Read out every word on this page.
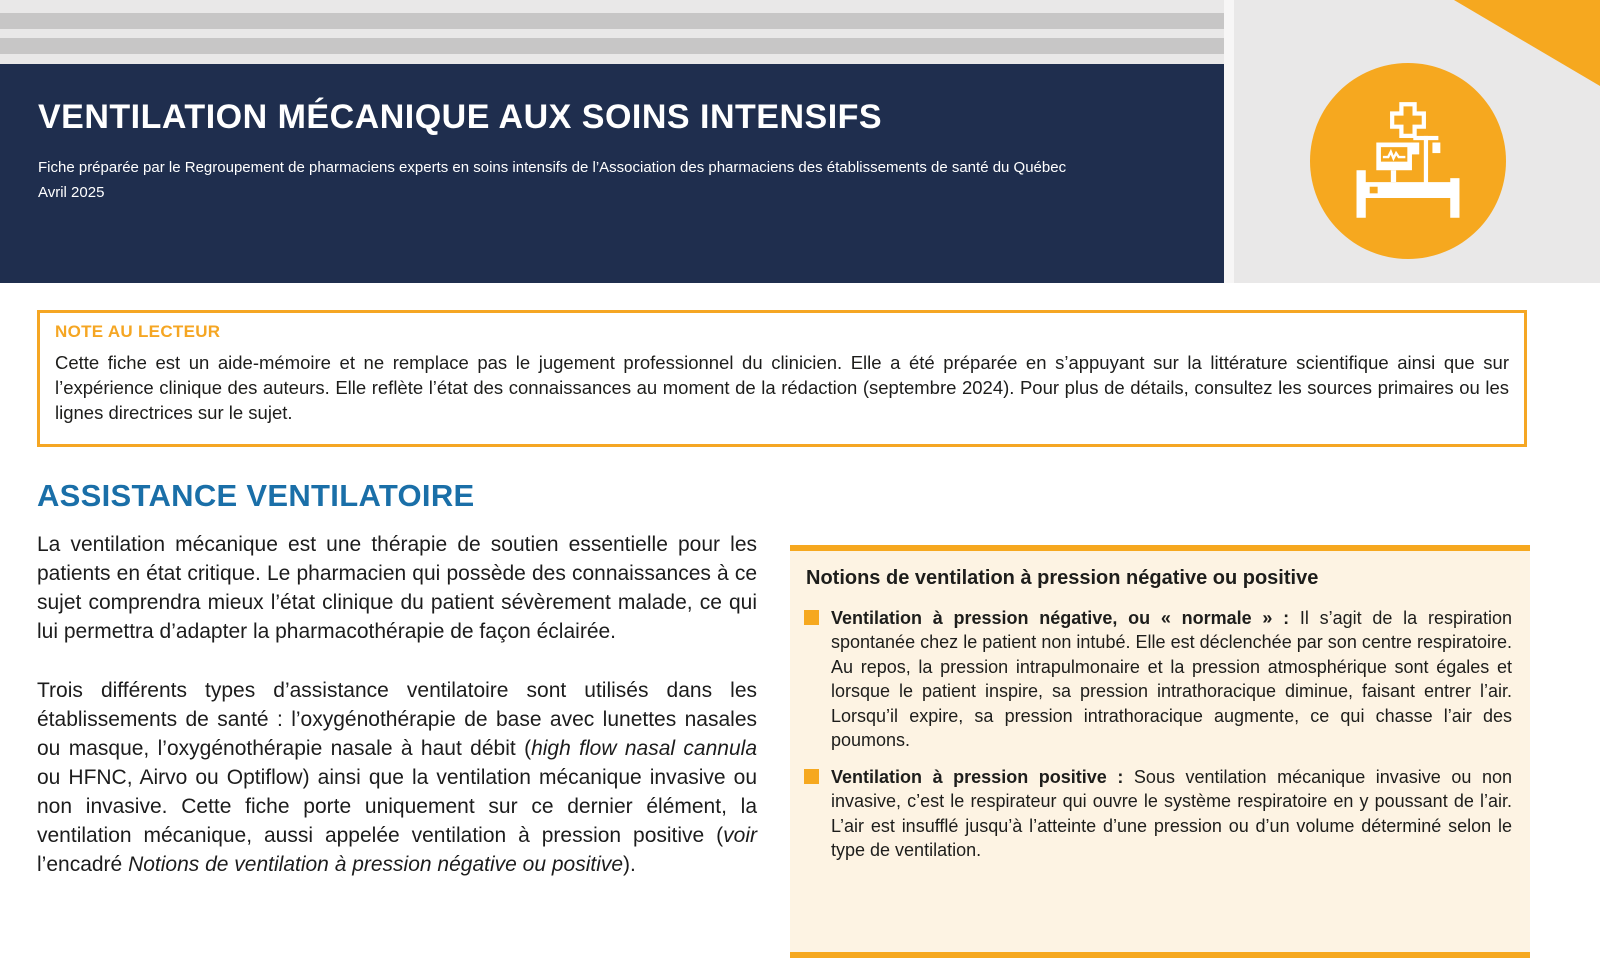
VENTILATION MÉCANIQUE AUX SOINS INTENSIFS
Fiche préparée par le Regroupement de pharmaciens experts en soins intensifs de l’Association des pharmaciens des établissements de santé du Québec
Avril 2025
NOTE AU LECTEUR
Cette fiche est un aide-mémoire et ne remplace pas le jugement professionnel du clinicien. Elle a été préparée en s’appuyant sur la littérature scientifique ainsi que sur l’expérience clinique des auteurs. Elle reflète l’état des connaissances au moment de la rédaction (septembre 2024). Pour plus de détails, consultez les sources primaires ou les lignes directrices sur le sujet.
ASSISTANCE VENTILATOIRE

La ventilation mécanique est une thérapie de soutien essentielle pour les patients en état critique. Le pharmacien qui possède des connaissances à ce sujet comprendra mieux l’état clinique du patient sévèrement malade, ce qui lui permettra d’adapter la pharmacothérapie de façon éclairée.

Trois différents types d’assistance ventilatoire sont utilisés dans les établissements de santé : l’oxygénothérapie de base avec lunettes nasales ou masque, l’oxygénothérapie nasale à haut débit (high flow nasal cannula ou HFNC, Airvo ou Optiflow) ainsi que la ventilation mécanique invasive ou non invasive. Cette fiche porte uniquement sur ce dernier élément, la ventilation mécanique, aussi appelée ventilation à pression positive (voir l’encadré Notions de ventilation à pression négative ou positive).

Notions de ventilation à pression négative ou positive
Ventilation à pression négative, ou « normale » : Il s’agit de la respiration spontanée chez le patient non intubé. Elle est déclenchée par son centre respiratoire. Au repos, la pression intrapulmonaire et la pression atmosphérique sont égales et lorsque le patient inspire, sa pression intrathoracique diminue, faisant entrer l’air. Lorsqu’il expire, sa pression intrathoracique augmente, ce qui chasse l’air des poumons.
Ventilation à pression positive : Sous ventilation mécanique invasive ou non invasive, c’est le respirateur qui ouvre le système respiratoire en y poussant de l’air. L’air est insufflé jusqu’à l’atteinte d’une pression ou d’un volume déterminé selon le type de ventilation.
